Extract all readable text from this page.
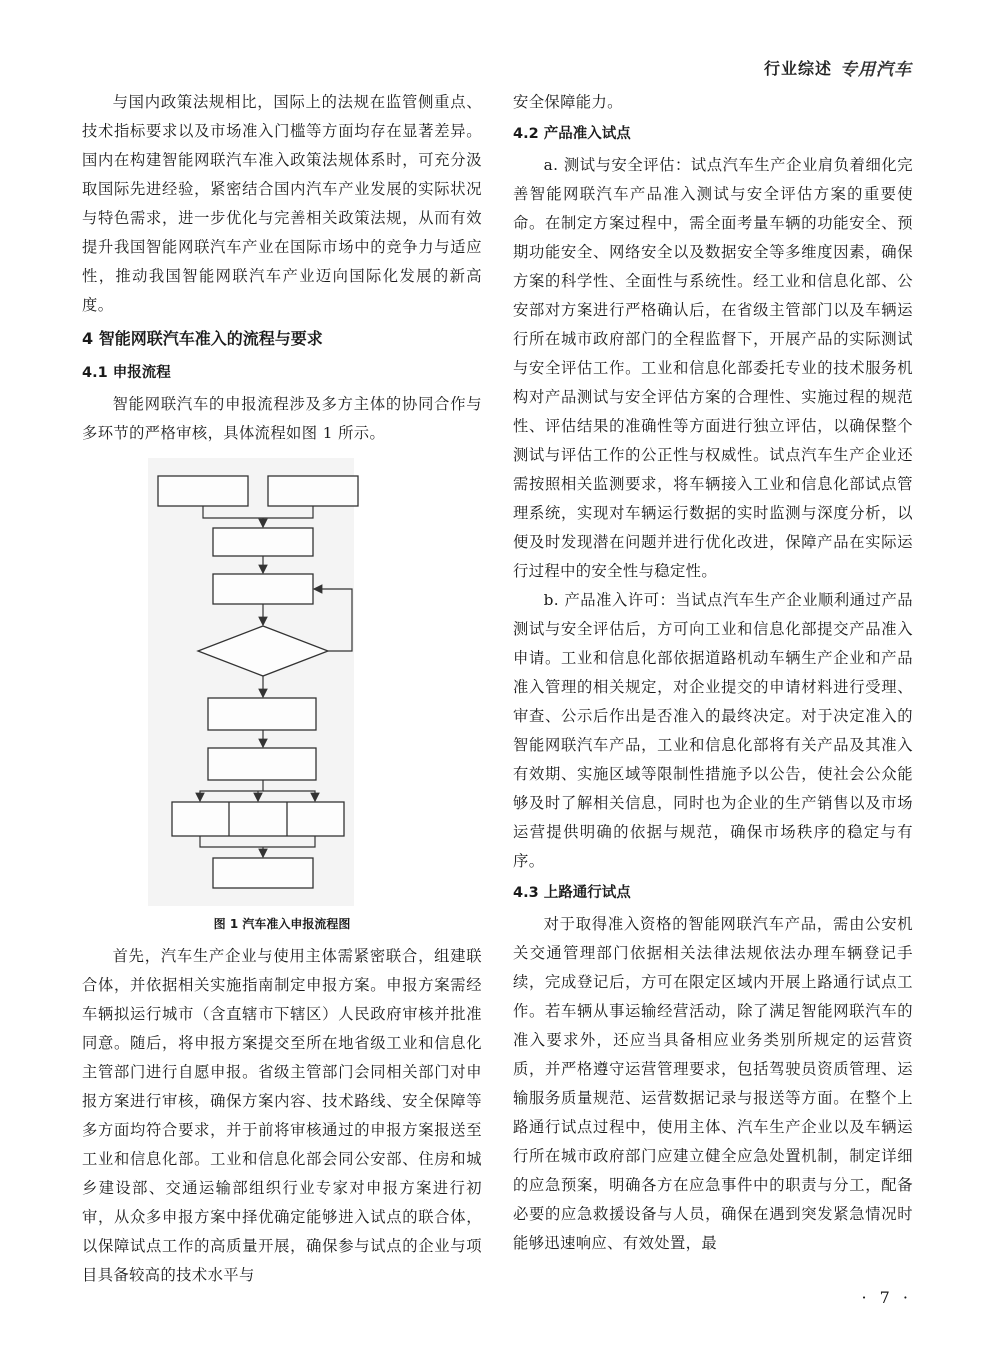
行业综述 专用汽车

与国内政策法规相比，国际上的法规在监管侧重点、技术指标要求以及市场准入门槛等方面均存在显著差异。国内在构建智能网联汽车准入政策法规体系时，可充分汲取国际先进经验，紧密结合国内汽车产业发展的实际状况与特色需求，进一步优化与完善相关政策法规，从而有效提升我国智能网联汽车产业在国际市场中的竞争力与适应性，推动我国智能网联汽车产业迈向国际化发展的新高度。

4 智能网联汽车准入的流程与要求
4.1 申报流程

智能网联汽车的申报流程涉及多方主体的协同合作与多环节的严格审核，具体流程如图 1 所示。

图 1 汽车准入申报流程图

首先，汽车生产企业与使用主体需紧密联合，组建联合体，并依据相关实施指南制定申报方案。申报方案需经车辆拟运行城市（含直辖市下辖区）人民政府审核并批准同意。随后，将申报方案提交至所在地省级工业和信息化主管部门进行自愿申报。省级主管部门会同相关部门对申报方案进行审核，确保方案内容、技术路线、安全保障等多方面均符合要求，并于前将审核通过的申报方案报送至工业和信息化部。工业和信息化部会同公安部、住房和城乡建设部、交通运输部组织行业专家对申报方案进行初审，从众多申报方案中择优确定能够进入试点的联合体，以保障试点工作的高质量开展，确保参与试点的企业与项目具备较高的技术水平与

安全保障能力。

4.2 产品准入试点

a. 测试与安全评估：试点汽车生产企业肩负着细化完善智能网联汽车产品准入测试与安全评估方案的重要使命。在制定方案过程中，需全面考量车辆的功能安全、预期功能安全、网络安全以及数据安全等多维度因素，确保方案的科学性、全面性与系统性。经工业和信息化部、公安部对方案进行严格确认后，在省级主管部门以及车辆运行所在城市政府部门的全程监督下，开展产品的实际测试与安全评估工作。工业和信息化部委托专业的技术服务机构对产品测试与安全评估方案的合理性、实施过程的规范性、评估结果的准确性等方面进行独立评估，以确保整个测试与评估工作的公正性与权威性。试点汽车生产企业还需按照相关监测要求，将车辆接入工业和信息化部试点管理系统，实现对车辆运行数据的实时监测与深度分析，以便及时发现潜在问题并进行优化改进，保障产品在实际运行过程中的安全性与稳定性。

b. 产品准入许可：当试点汽车生产企业顺利通过产品测试与安全评估后，方可向工业和信息化部提交产品准入申请。工业和信息化部依据道路机动车辆生产企业和产品准入管理的相关规定，对企业提交的申请材料进行受理、审查、公示后作出是否准入的最终决定。对于决定准入的智能网联汽车产品，工业和信息化部将有关产品及其准入有效期、实施区域等限制性措施予以公告，使社会公众能够及时了解相关信息，同时也为企业的生产销售以及市场运营提供明确的依据与规范，确保市场秩序的稳定与有序。

4.3 上路通行试点

对于取得准入资格的智能网联汽车产品，需由公安机关交通管理部门依据相关法律法规依法办理车辆登记手续，完成登记后，方可在限定区域内开展上路通行试点工作。若车辆从事运输经营活动，除了满足智能网联汽车的准入要求外，还应当具备相应业务类别所规定的运营资质，并严格遵守运营管理要求，包括驾驶员资质管理、运输服务质量规范、运营数据记录与报送等方面。在整个上路通行试点过程中，使用主体、汽车生产企业以及车辆运行所在城市政府部门应建立健全应急处置机制，制定详细的应急预案，明确各方在应急事件中的职责与分工，配备必要的应急救援设备与人员，确保在遇到突发紧急情况时能够迅速响应、有效处置，最

· 7 ·
